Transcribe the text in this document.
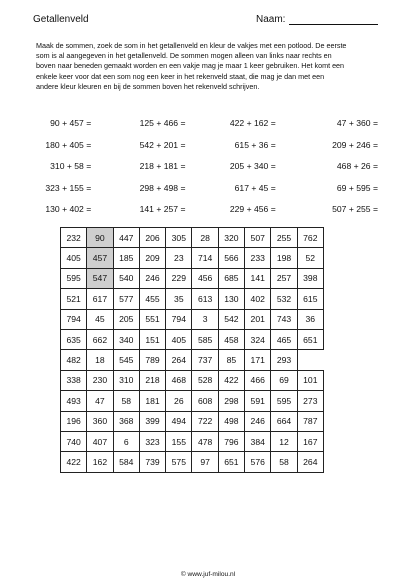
Getallenveld	Naam:

Maak de sommen, zoek de som in het getallenveld en kleur de vakjes met een potlood. De eerste

som is al aangegeven in het getallenveld. De sommen mogen alleen van links naar rechts en

boven naar beneden gemaakt worden en een vakje mag je maar 1 keer gebruiken. Het komt een

enkele keer voor dat een som nog een keer in het rekenveld staat, die mag je dan met een

andere kleur kleuren en bij de sommen boven het rekenveld schrijven.

90 + 457 =	125 + 466 =	422 + 162 =	47 + 360 =
180 + 405 =	542 + 201 =	615 + 36 =	209 + 246 =
310 + 58 =	218 + 181 =	205 + 340 =	468 + 26 =
323 + 155 =	298 + 498 =	617 + 45 =	69 + 595 =
130 + 402 =	141 + 257 =	229 + 456 =	507 + 255 =
232	90	447	206	305	28	320	507	255	762
405	457	185	209	23	714	566	233	198	52
595	547	540	246	229	456	685	141	257	398
521	617	577	455	35	613	130	402	532	615
794	45	205	551	794	3	542	201	743	36
635	662	340	151	405	585	458	324	465	651
482	18	545	789	264	737	85	171	293	
338	230	310	218	468	528	422	466	69	101
493	47	58	181	26	608	298	591	595	273
196	360	368	399	494	722	498	246	664	787
740	407	6	323	155	478	796	384	12	167
422	162	584	739	575	97	651	576	58	264
© www.juf-milou.nl
